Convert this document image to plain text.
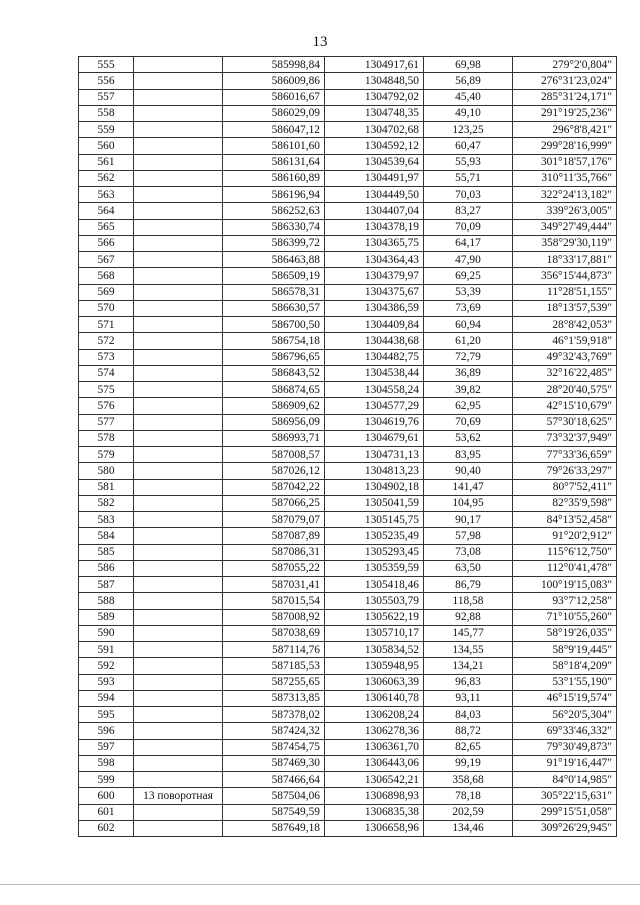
13
555		585998,84	1304917,61	69,98	279°2'0,804"
556		586009,86	1304848,50	56,89	276°31'23,024"
557		586016,67	1304792,02	45,40	285°31'24,171"
558		586029,09	1304748,35	49,10	291°19'25,236"
559		586047,12	1304702,68	123,25	296°8'8,421"
560		586101,60	1304592,12	60,47	299°28'16,999"
561		586131,64	1304539,64	55,93	301°18'57,176"
562		586160,89	1304491,97	55,71	310°11'35,766"
563		586196,94	1304449,50	70,03	322°24'13,182"
564		586252,63	1304407,04	83,27	339°26'3,005"
565		586330,74	1304378,19	70,09	349°27'49,444"
566		586399,72	1304365,75	64,17	358°29'30,119"
567		586463,88	1304364,43	47,90	18°33'17,881"
568		586509,19	1304379,97	69,25	356°15'44,873"
569		586578,31	1304375,67	53,39	11°28'51,155"
570		586630,57	1304386,59	73,69	18°13'57,539"
571		586700,50	1304409,84	60,94	28°8'42,053"
572		586754,18	1304438,68	61,20	46°1'59,918"
573		586796,65	1304482,75	72,79	49°32'43,769"
574		586843,52	1304538,44	36,89	32°16'22,485"
575		586874,65	1304558,24	39,82	28°20'40,575"
576		586909,62	1304577,29	62,95	42°15'10,679"
577		586956,09	1304619,76	70,69	57°30'18,625"
578		586993,71	1304679,61	53,62	73°32'37,949"
579		587008,57	1304731,13	83,95	77°33'36,659"
580		587026,12	1304813,23	90,40	79°26'33,297"
581		587042,22	1304902,18	141,47	80°7'52,411"
582		587066,25	1305041,59	104,95	82°35'9,598"
583		587079,07	1305145,75	90,17	84°13'52,458"
584		587087,89	1305235,49	57,98	91°20'2,912"
585		587086,31	1305293,45	73,08	115°6'12,750"
586		587055,22	1305359,59	63,50	112°0'41,478"
587		587031,41	1305418,46	86,79	100°19'15,083"
588		587015,54	1305503,79	118,58	93°7'12,258"
589		587008,92	1305622,19	92,88	71°10'55,260"
590		587038,69	1305710,17	145,77	58°19'26,035"
591		587114,76	1305834,52	134,55	58°9'19,445"
592		587185,53	1305948,95	134,21	58°18'4,209"
593		587255,65	1306063,39	96,83	53°1'55,190"
594		587313,85	1306140,78	93,11	46°15'19,574"
595		587378,02	1306208,24	84,03	56°20'5,304"
596		587424,32	1306278,36	88,72	69°33'46,332"
597		587454,75	1306361,70	82,65	79°30'49,873"
598		587469,30	1306443,06	99,19	91°19'16,447"
599		587466,64	1306542,21	358,68	84°0'14,985"
600	13 поворотная	587504,06	1306898,93	78,18	305°22'15,631"
601		587549,59	1306835,38	202,59	299°15'51,058"
602		587649,18	1306658,96	134,46	309°26'29,945"
